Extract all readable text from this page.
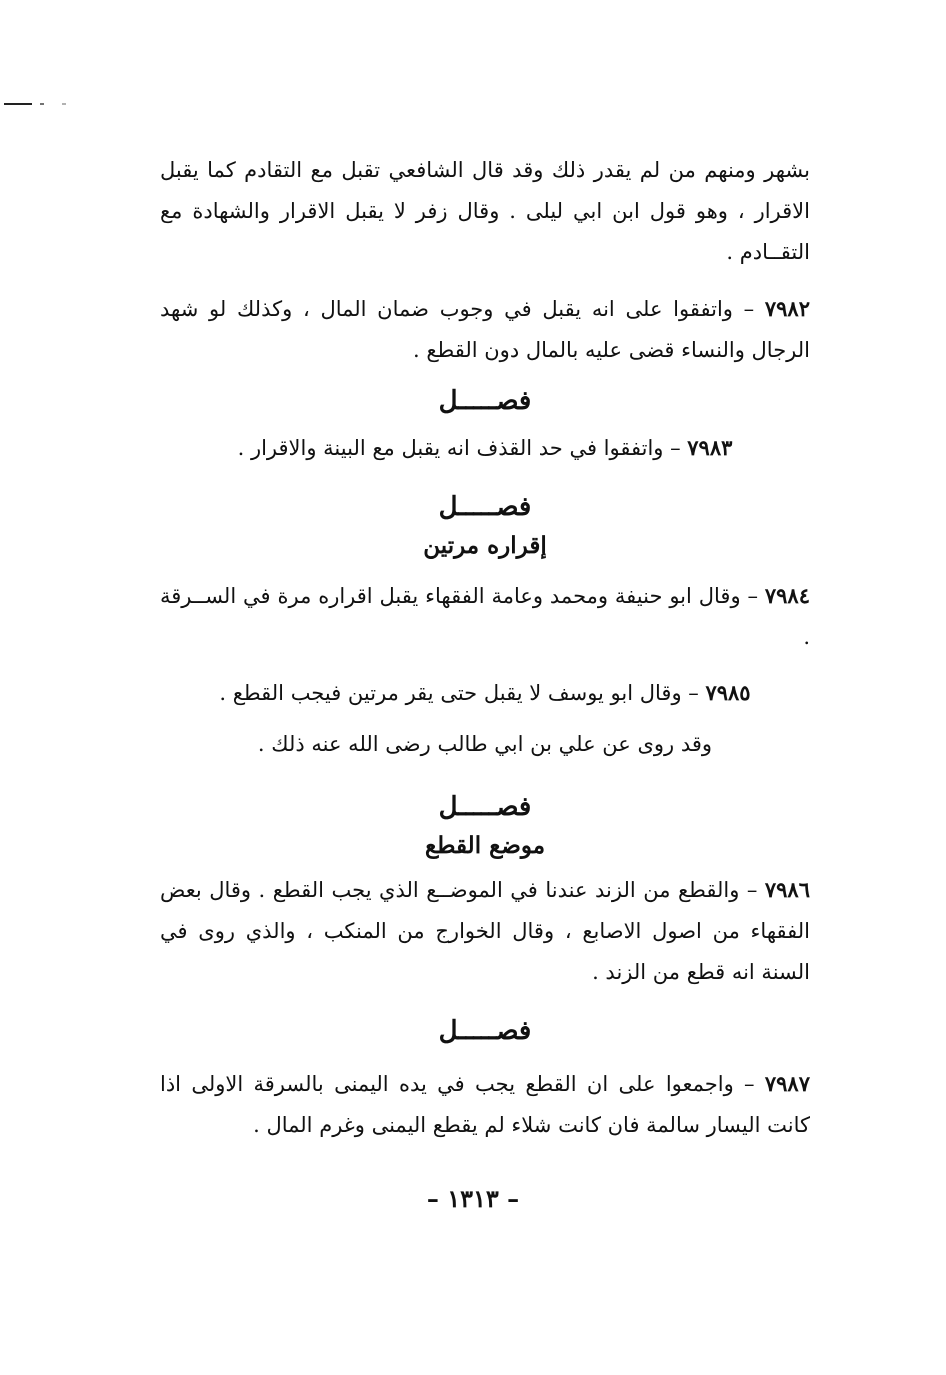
بشهر ومنهم من لم يقدر ذلك وقد قال الشافعي تقبل مع التقادم كما يقبل الاقرار ، وهو قول ابن ابي ليلى . وقال زفر لا يقبل الاقرار والشهادة مع التقــادم .

٧٩٨٢ – واتفقوا على انه يقبل في وجوب ضمان المال ، وكذلك لو شهد الرجال والنساء قضى عليه بالمال دون القطع .

فصـــــل

٧٩٨٣ – واتفقوا في حد القذف انه يقبل مع البينة والاقرار .

فصـــــل

إقراره مرتين

٧٩٨٤ – وقال ابو حنيفة ومحمد وعامة الفقهاء يقبل اقراره مرة في الســرقة .

٧٩٨٥ – وقال ابو يوسف لا يقبل حتى يقر مرتين فيجب القطع .

وقد روى عن علي بن ابي طالب رضى الله عنه ذلك .

فصـــــل

موضع القطع

٧٩٨٦ – والقطع من الزند عندنا في الموضــع الذي يجب القطع . وقال بعض الفقهاء من اصول الاصابع ، وقال الخوارج من المنكب ، والذي روى في السنة انه قطع من الزند .

فصـــــل

٧٩٨٧ – واجمعوا على ان القطع يجب في يده اليمنى بالسرقة الاولى اذا كانت اليسار سالمة فان كانت شلاء لم يقطع اليمنى وغرم المال .

– ١٣١٣ –
